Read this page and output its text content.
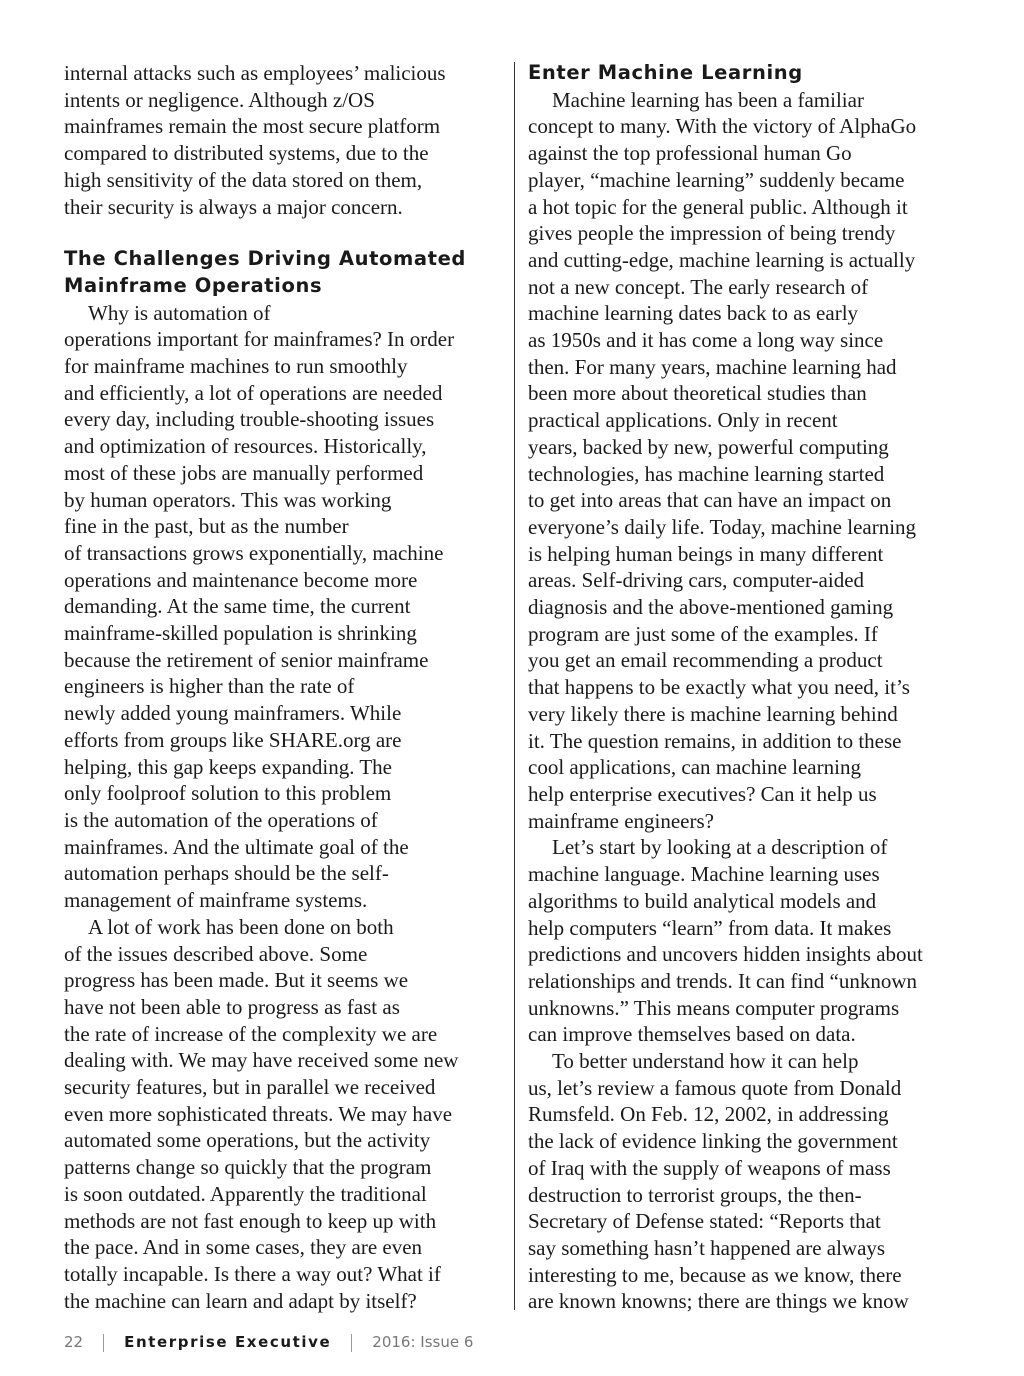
internal attacks such as employees’ malicious
intents or negligence. Although z/OS
mainframes remain the most secure platform
compared to distributed systems, due to the
high sensitivity of the data stored on them,
their security is always a major concern.
The Challenges Driving Automated
Mainframe Operations
Why is automation of
operations important for mainframes? In order
for mainframe machines to run smoothly
and efficiently, a lot of operations are needed
every day, including trouble-shooting issues
and optimization of resources. Historically,
most of these jobs are manually performed
by human operators. This was working
fine in the past, but as the number
of transactions grows exponentially, machine
operations and maintenance become more
demanding. At the same time, the current
mainframe-skilled population is shrinking
because the retirement of senior mainframe
engineers is higher than the rate of
newly added young mainframers. While
efforts from groups like SHARE.org are
helping, this gap keeps expanding. The
only foolproof solution to this problem
is the automation of the operations of
mainframes. And the ultimate goal of the
automation perhaps should be the self-
management of mainframe systems.
A lot of work has been done on both
of the issues described above. Some
progress has been made. But it seems we
have not been able to progress as fast as
the rate of increase of the complexity we are
dealing with. We may have received some new
security features, but in parallel we received
even more sophisticated threats. We may have
automated some operations, but the activity
patterns change so quickly that the program
is soon outdated. Apparently the traditional
methods are not fast enough to keep up with
the pace. And in some cases, they are even
totally incapable. Is there a way out? What if
the machine can learn and adapt by itself?
Enter Machine Learning
Machine learning has been a familiar
concept to many. With the victory of AlphaGo
against the top professional human Go
player, “machine learning” suddenly became
a hot topic for the general public. Although it
gives people the impression of being trendy
and cutting-edge, machine learning is actually
not a new concept. The early research of
machine learning dates back to as early
as 1950s and it has come a long way since
then. For many years, machine learning had
been more about theoretical studies than
practical applications. Only in recent
years, backed by new, powerful computing
technologies, has machine learning started
to get into areas that can have an impact on
everyone’s daily life. Today, machine learning
is helping human beings in many different
areas. Self-driving cars, computer-aided
diagnosis and the above-mentioned gaming
program are just some of the examples. If
you get an email recommending a product
that happens to be exactly what you need, it’s
very likely there is machine learning behind
it. The question remains, in addition to these
cool applications, can machine learning
help enterprise executives? Can it help us
mainframe engineers?
Let’s start by looking at a description of
machine language. Machine learning uses
algorithms to build analytical models and
help computers “learn” from data. It makes
predictions and uncovers hidden insights about
relationships and trends. It can find “unknown
unknowns.” This means computer programs
can improve themselves based on data.
To better understand how it can help
us, let’s review a famous quote from Donald
Rumsfeld. On Feb. 12, 2002, in addressing
the lack of evidence linking the government
of Iraq with the supply of weapons of mass
destruction to terrorist groups, the then-
Secretary of Defense stated: “Reports that
say something hasn’t happened are always
interesting to me, because as we know, there
are known knowns; there are things we know
22	Enterprise Executive	2016: Issue 6
